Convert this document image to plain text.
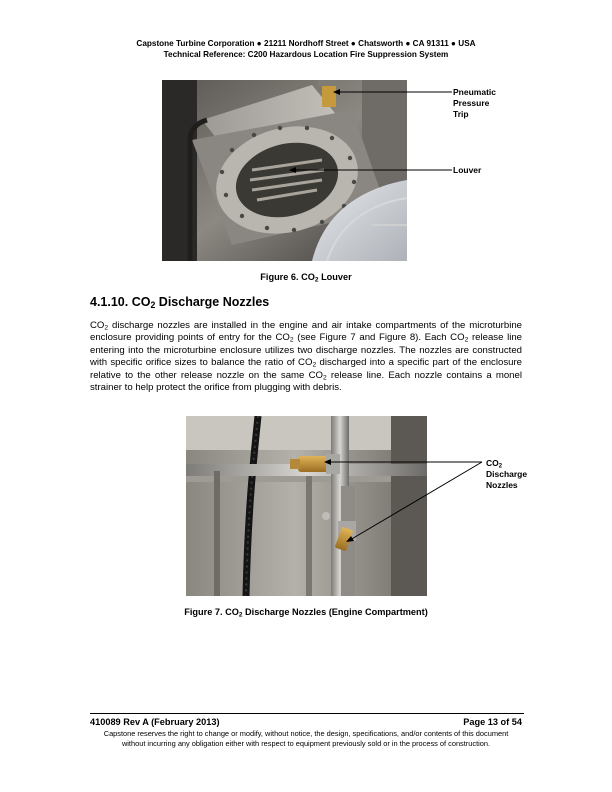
Capstone Turbine Corporation ● 21211 Nordhoff Street ● Chatsworth ● CA 91311 ● USA
Technical Reference: C200 Hazardous Location Fire Suppression System
Pneumatic
Pressure
Trip
Louver
Figure 6. $CO_2$ Louver
4.1.10. $CO_2$ Discharge Nozzles
$CO_2$ discharge nozzles are installed in the engine and air intake compartments of the microturbine enclosure providing points of entry for the $CO_2$ (see Figure 7 and Figure 8). Each $CO_2$ release line entering into the microturbine enclosure utilizes two discharge nozzles. The nozzles are constructed with specific orifice sizes to balance the ratio of $CO_2$ discharged into a specific part of the enclosure relative to the other release nozzle on the same $CO_2$ release line. Each nozzle contains a monel strainer to help protect the orifice from plugging with debris.
$CO_2$
Discharge
Nozzles
Figure 7. $CO_2$ Discharge Nozzles (Engine Compartment)
410089 Rev A (February 2013)	Page 13 of 54
Capstone reserves the right to change or modify, without notice, the design, specifications, and/or contents of this document without incurring any obligation either with respect to equipment previously sold or in the process of construction.
